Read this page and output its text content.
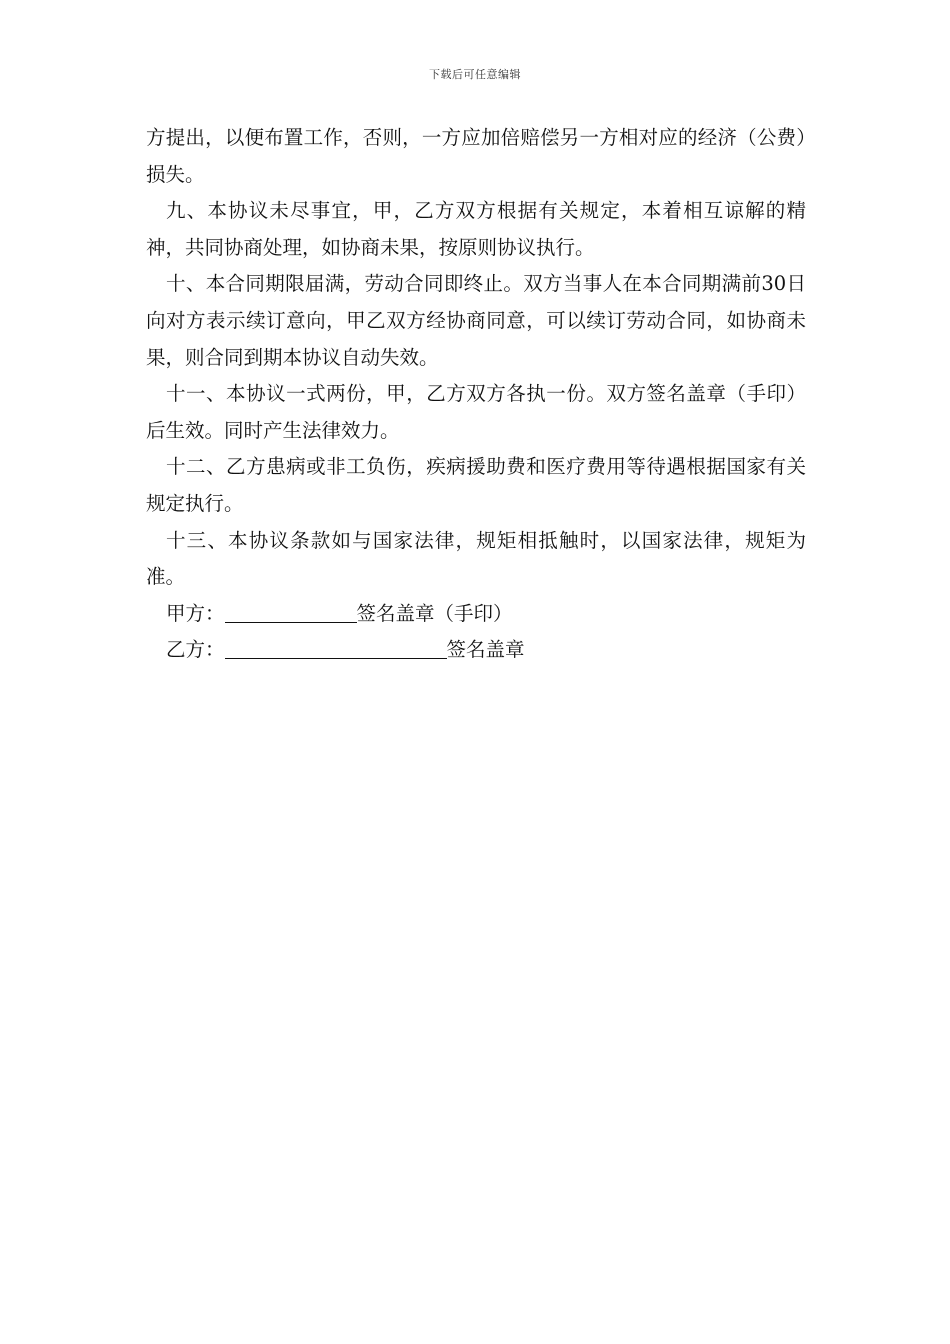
下载后可任意编辑

方提出，以便布置工作，否则，一方应加倍赔偿另一方相对应的经济（公费）损失。

九、本协议未尽事宜，甲，乙方双方根据有关规定，本着相互谅解的精神，共同协商处理，如协商未果，按原则协议执行。

十、本合同期限届满，劳动合同即终止。双方当事人在本合同期满前30日向对方表示续订意向，甲乙双方经协商同意，可以续订劳动合同，如协商未果，则合同到期本协议自动失效。

十一、本协议一式两份，甲，乙方双方各执一份。双方签名盖章（手印）后生效。同时产生法律效力。

十二、乙方患病或非工负伤，疾病援助费和医疗费用等待遇根据国家有关规定执行。

十三、本协议条款如与国家法律，规矩相抵触时，以国家法律，规矩为准。

甲方：	签名盖章（手印）
乙方：	签名盖章
